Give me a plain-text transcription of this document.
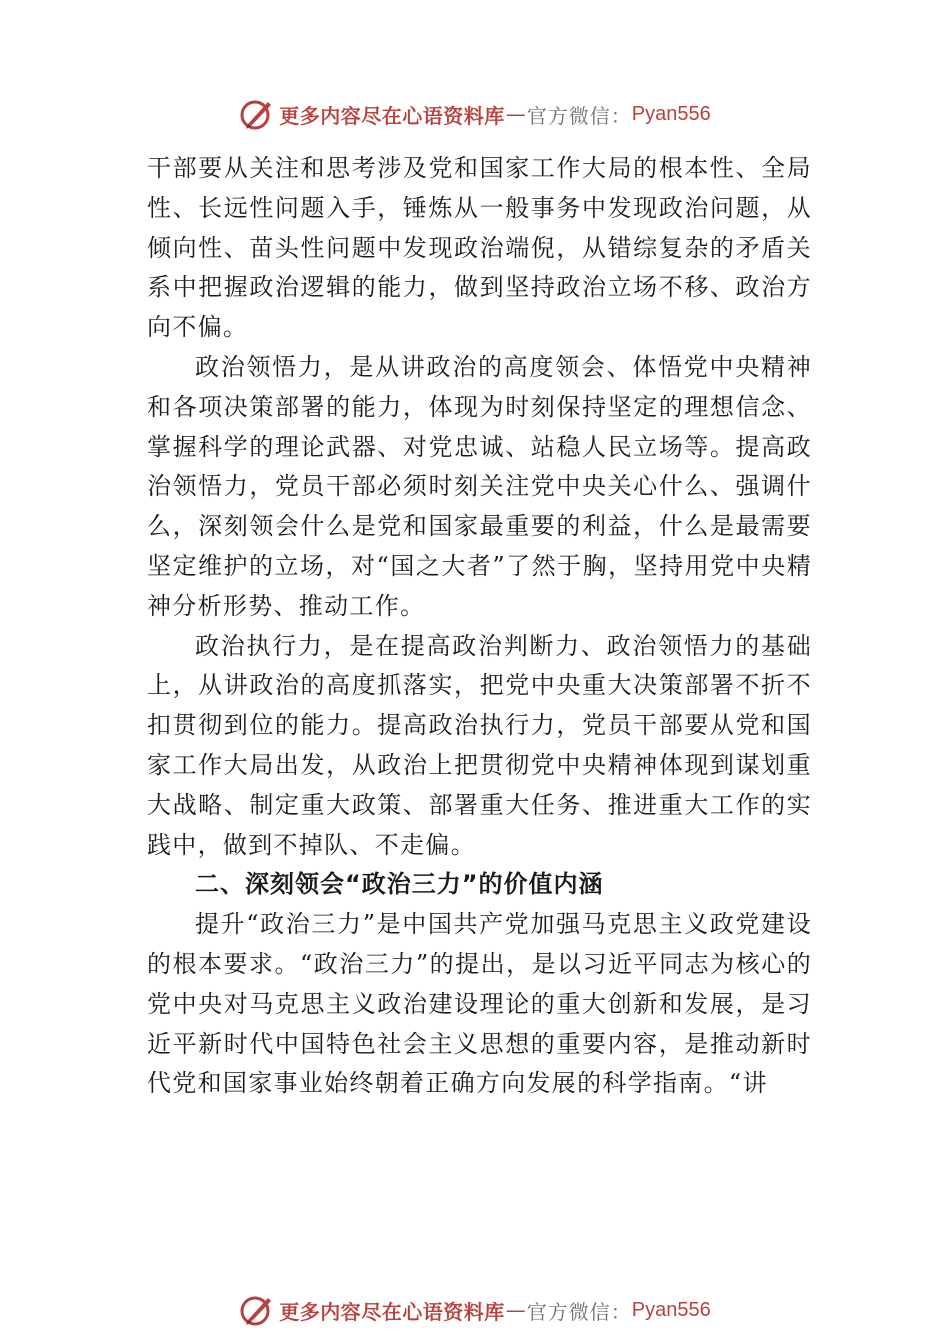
更多内容尽在心语资料库 — 官方微信： Pyan556

干部要从关注和思考涉及党和国家工作大局的根本性、全局性、长远性问题入手，锤炼从一般事务中发现政治问题，从倾向性、苗头性问题中发现政治端倪，从错综复杂的矛盾关系中把握政治逻辑的能力，做到坚持政治立场不移、政治方向不偏。

政治领悟力，是从讲政治的高度领会、体悟党中央精神和各项决策部署的能力，体现为时刻保持坚定的理想信念、 掌握科学的理论武器、对党忠诚、站稳人民立场等。提高政治领悟力，党员干部必须时刻关注党中央关心什么、强调什么，深刻领会什么是党和国家最重要的利益，什么是最需要坚定维护的立场，对“国之大者”了然于胸，坚持用党中央精神分析形势、推动工作。

政治执行力，是在提高政治判断力、政治领悟力的基础上，从讲政治的高度抓落实，把党中央重大决策部署不折不扣贯彻到位的能力。提高政治执行力，党员干部要从党和国家工作大局出发，从政治上把贯彻党中央精神体现到谋划重大战略、制定重大政策、部署重大任务、推进重大工作的实践中，做到不掉队、不走偏。

二、深刻领会“政治三力”的价值内涵

提升“政治三力”是中国共产党加强马克思主义政党建设的根本要求。“政治三力”的提出，是以习近平同志为核心的党中央对马克思主义政治建设理论的重大创新和发展，是习近平新时代中国特色社会主义思想的重要内容，是推动新时代党和国家事业始终朝着正确方向发展的科学指南。“讲

更多内容尽在心语资料库 — 官方微信： Pyan556
